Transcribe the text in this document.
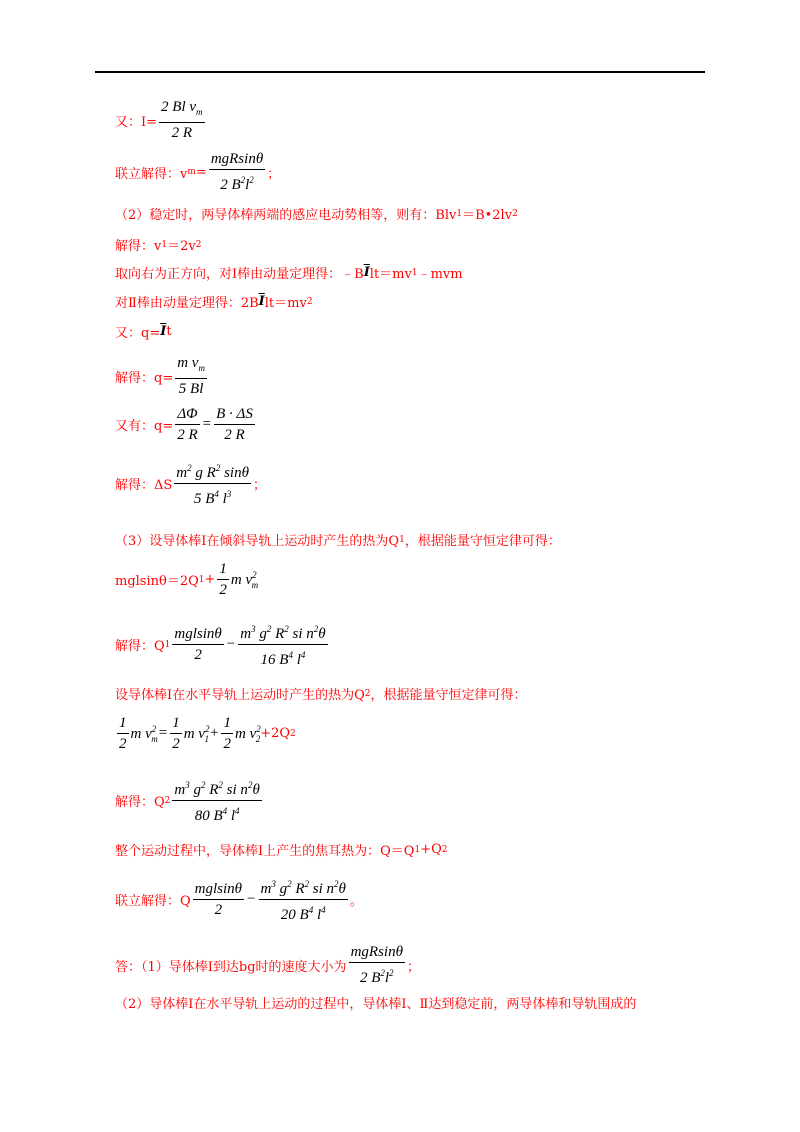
又：$I= \frac{2 Bl v_m}{2 R}$
联立解得：v $m = \frac{\text{mgRsinθ}}{2 B^2l^2}$ ；
（2）稳定时，两导体棒两端的感应电动势相等，则有：Blv 1 ＝B•2lv 2
解得：v 1 ＝2v 2
取向右为正方向，对Ⅰ棒由动量定理得：﹣B $\overline{I}$ lt＝mv 1 ﹣mvm
对Ⅱ棒由动量定理得：2B $\overline{I}$ lt＝mv 2
又：$q= \overline{I}$ t
解得：$q= \frac{m v_m}{5 Bl}$
又有：$q= \frac{\Delta\Phi}{2 R} = \frac{B \cdot \Delta S}{2 R}$
解得：ΔS $\frac{m^2 g R^2 \sin\theta}{5 B^4 l^3}$ ；
（3）设导体棒Ⅰ在倾斜导轨上运动时产生的热为Q 1 ，根据能量守恒定律可得：
mglsinθ＝2Q $1 + \frac{1}{2}$ m $v^2_m$
解得：Q $1 \frac{\text{mglsinθ}}{2} - \frac{m^3 g^2 R^2 si n^2\theta}{16 B^4 l^4}$
设导体棒Ⅰ在水平导轨上运动时产生的热为Q 2 ，根据能量守恒定律可得：
$\frac{1}{2}$ m $v^2_m = \frac{1}{2}$ m $v^2_1 + \frac{1}{2}$ m $v^2_2 +2Q$ 2
解得：Q $2 \frac{m^3 g^2 R^2 si n^2\theta}{80 B^4 l^4}$
整个运动过程中，导体棒Ⅰ上产生的焦耳热为：Q＝Q 1 +Q 2
联立解得：Q $\frac{\text{mglsinθ}}{2} - \frac{m^3 g^2 R^2 si n^2\theta}{20 B^4 l^4}$ 。
答：（1）导体棒Ⅰ到达bg时的速度大小为 $\frac{\text{mgRsinθ}}{2 B^2l^2}$ ；
（2）导体棒Ⅰ在水平导轨上运动的过程中，导体棒Ⅰ、Ⅱ达到稳定前，两导体棒和导轨围成的
